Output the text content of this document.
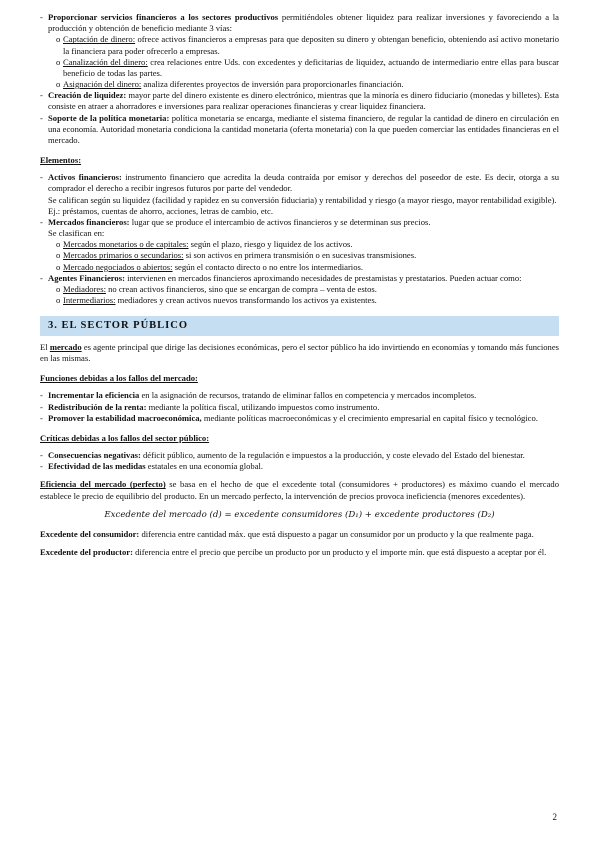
- Proporcionar servicios financieros a los sectores productivos permitiéndoles obtener liquidez para realizar inversiones y favoreciendo a la producción y obtención de beneficio mediante 3 vías:
o Captación de dinero: ofrece activos financieros a empresas para que depositen su dinero y obtengan beneficio, obteniendo así activo monetario la financiera para poder ofrecerlo a empresas.
o Canalización del dinero: crea relaciones entre Uds. con excedentes y deficitarias de liquidez, actuando de intermediario entre ellas para buscar beneficio de todas las partes.
o Asignación del dinero: analiza diferentes proyectos de inversión para proporcionarles financiación.
- Creación de liquidez: mayor parte del dinero existente es dinero electrónico, mientras que la minoría es dinero fiduciario (monedas y billetes). Esta consiste en atraer a ahorradores e inversiones para realizar operaciones financieras y crear liquidez financiera.
- Soporte de la política monetaria: política monetaria se encarga, mediante el sistema financiero, de regular la cantidad de dinero en circulación en una economía. Autoridad monetaria condiciona la cantidad monetaria (oferta monetaria) con la que pueden comerciar las entidades financieras en el mercado.
Elementos:
- Activos financieros: instrumento financiero que acredita la deuda contraída por emisor y derechos del poseedor de este. Es decir, otorga a su comprador el derecho a recibir ingresos futuros por parte del vendedor.

Se califican según su liquidez (facilidad y rapidez en su conversión fiduciaria) y rentabilidad y riesgo (a mayor riesgo, mayor rentabilidad exigible).

Ej.: préstamos, cuentas de ahorro, acciones, letras de cambio, etc.

- Mercados financieros: lugar que se produce el intercambio de activos financieros y se determinan sus precios.

Se clasifican en:

o Mercados monetarios o de capitales: según el plazo, riesgo y liquidez de los activos.
o Mercados primarios o secundarios: si son activos en primera transmisión o en sucesivas transmisiones.
o Mercado negociados o abiertos: según el contacto directo o no entre los intermediarios.
- Agentes Financieros: intervienen en mercados financieros aproximando necesidades de prestamistas y prestatarios. Pueden actuar como:
o Mediadores: no crean activos financieros, sino que se encargan de compra – venta de estos.
o Intermediarios: mediadores y crean activos nuevos transformando los activos ya existentes.
3. EL SECTOR PÚBLICO

El mercado es agente principal que dirige las decisiones económicas, pero el sector público ha ido invirtiendo en economías y tomando más funciones en las mismas.

Funciones debidas a los fallos del mercado:
- Incrementar la eficiencia en la asignación de recursos, tratando de eliminar fallos en competencia y mercados incompletos.
- Redistribución de la renta: mediante la política fiscal, utilizando impuestos como instrumento.
- Promover la estabilidad macroeconómica, mediante políticas macroeconómicas y el crecimiento empresarial en capital físico y tecnológico.
Críticas debidas a los fallos del sector público:
- Consecuencias negativas: déficit público, aumento de la regulación e impuestos a la producción, y coste elevado del Estado del bienestar.
- Efectividad de las medidas estatales en una economía global.

Eficiencia del mercado (perfecto) se basa en el hecho de que el excedente total (consumidores + productores) es máximo cuando el mercado establece le precio de equilibrio del producto. En un mercado perfecto, la intervención de precios provoca ineficiencia (menores excedentes).

Excedente del mercado (d) = excedente consumidores (D₁) + excedente productores (D₂)

Excedente del consumidor: diferencia entre cantidad máx. que está dispuesto a pagar un consumidor por un producto y la que realmente paga.

Excedente del productor: diferencia entre el precio que percibe un producto por un producto y el importe mín. que está dispuesto a aceptar por él.

2
